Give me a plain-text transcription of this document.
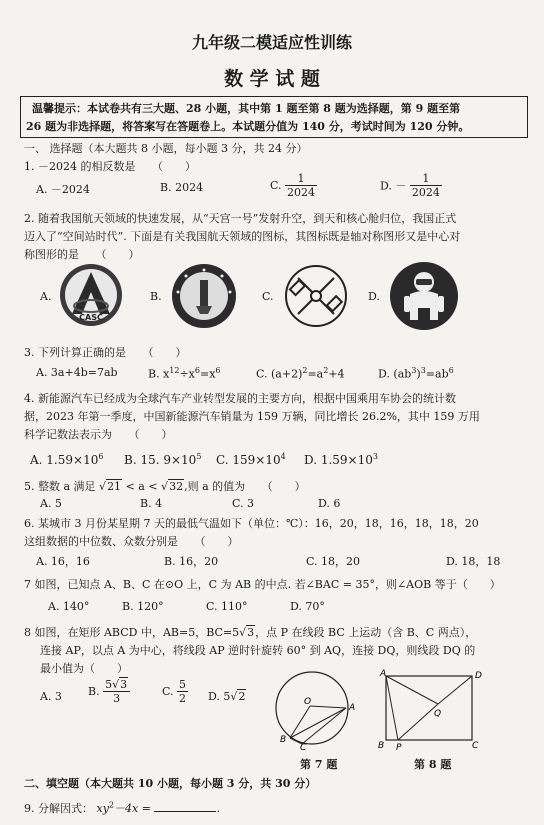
九年级二模适应性训练
数 学 试 题
温馨提示：本试卷共有三大题、28 小题，其中第 1 题至第 8 题为选择题，第 9 题至第
26 题为非选择题，将答案写在答题卷上。本试题分值为 140 分，考试时间为 120 分钟。
一、 选择题（本大题共 8 小题，每小题 3 分，共 24 分）
1. －2024 的相反数是　　（　　）
A. －2024	B. 2024	C. $\frac{1}{2024}$	D. － $\frac{1}{2024}$
2. 随着我国航天领域的快速发展，从“天宫一号”发射升空，到天和核心舱归位，我国正式
迈入了“空间站时代”. 下面是有关我国航天领域的图标，其图标既是轴对称图形又是中心对
称图形的是　　（　　）
A.
CASC
B.	C.	D.
3. 下列计算正确的是　　（　　）
A. 3a+4b=7ab	B. $x^{12}\div x^6=x^6$	C. $(a+2)^2=a^2+4$	D. $(ab^3)^3=ab^6$
4. 新能源汽车已经成为全球汽车产业转型发展的主要方向，根据中国乘用车协会的统计数
据，2023 年第一季度，中国新能源汽车销量为 159 万辆，同比增长 26.2%，其中 159 万用
科学记数法表示为　　（　　）
A. $1.59\times 10^6$ B. 15. $9\times 10^5$ C. $159\times 10^4$ D. $1.59\times 10^3$
5. 整数 a 满足 √21 < a < √32,则 a 的值为　　（　　）
A. 5	B. 4	C. 3	D. 6
6. 某城市 3 月份某星期 7 天的最低气温如下（单位：℃）：16，20，18，16，18，18，20
这组数据的中位数、众数分别是　　（　　）
A. 16，16	B. 16，20	C. 18，20	D. 18，18
7 如图，已知点 A、B、C 在⊙O 上，C 为 AB 的中点. 若∠BAC = 35°，则∠AOB 等于（　　）
A. 140°	B. 120°	C. 110°	D. 70°
8 如图，在矩形 ABCD 中，AB=5，BC=5√3，点 P 在线段 BC 上运动（含 B、C 两点），
连接 AP，以点 A 为中心，将线段 AP 逆时针旋转 60° 到 AQ，连接 DQ，则线段 DQ 的
最小值为（　　）
A. 3 B. $\frac{5√3}{3}$	C. $\frac{5}{2} D$. 5√2	O
A
B
C
第 7 题
A	D
Q
B P	C
第 8 题
二、填空题（本大题共 10 小题，每小题 3 分，共 30 分）
9. 分解因式： $xy^2-4x$ =	.
